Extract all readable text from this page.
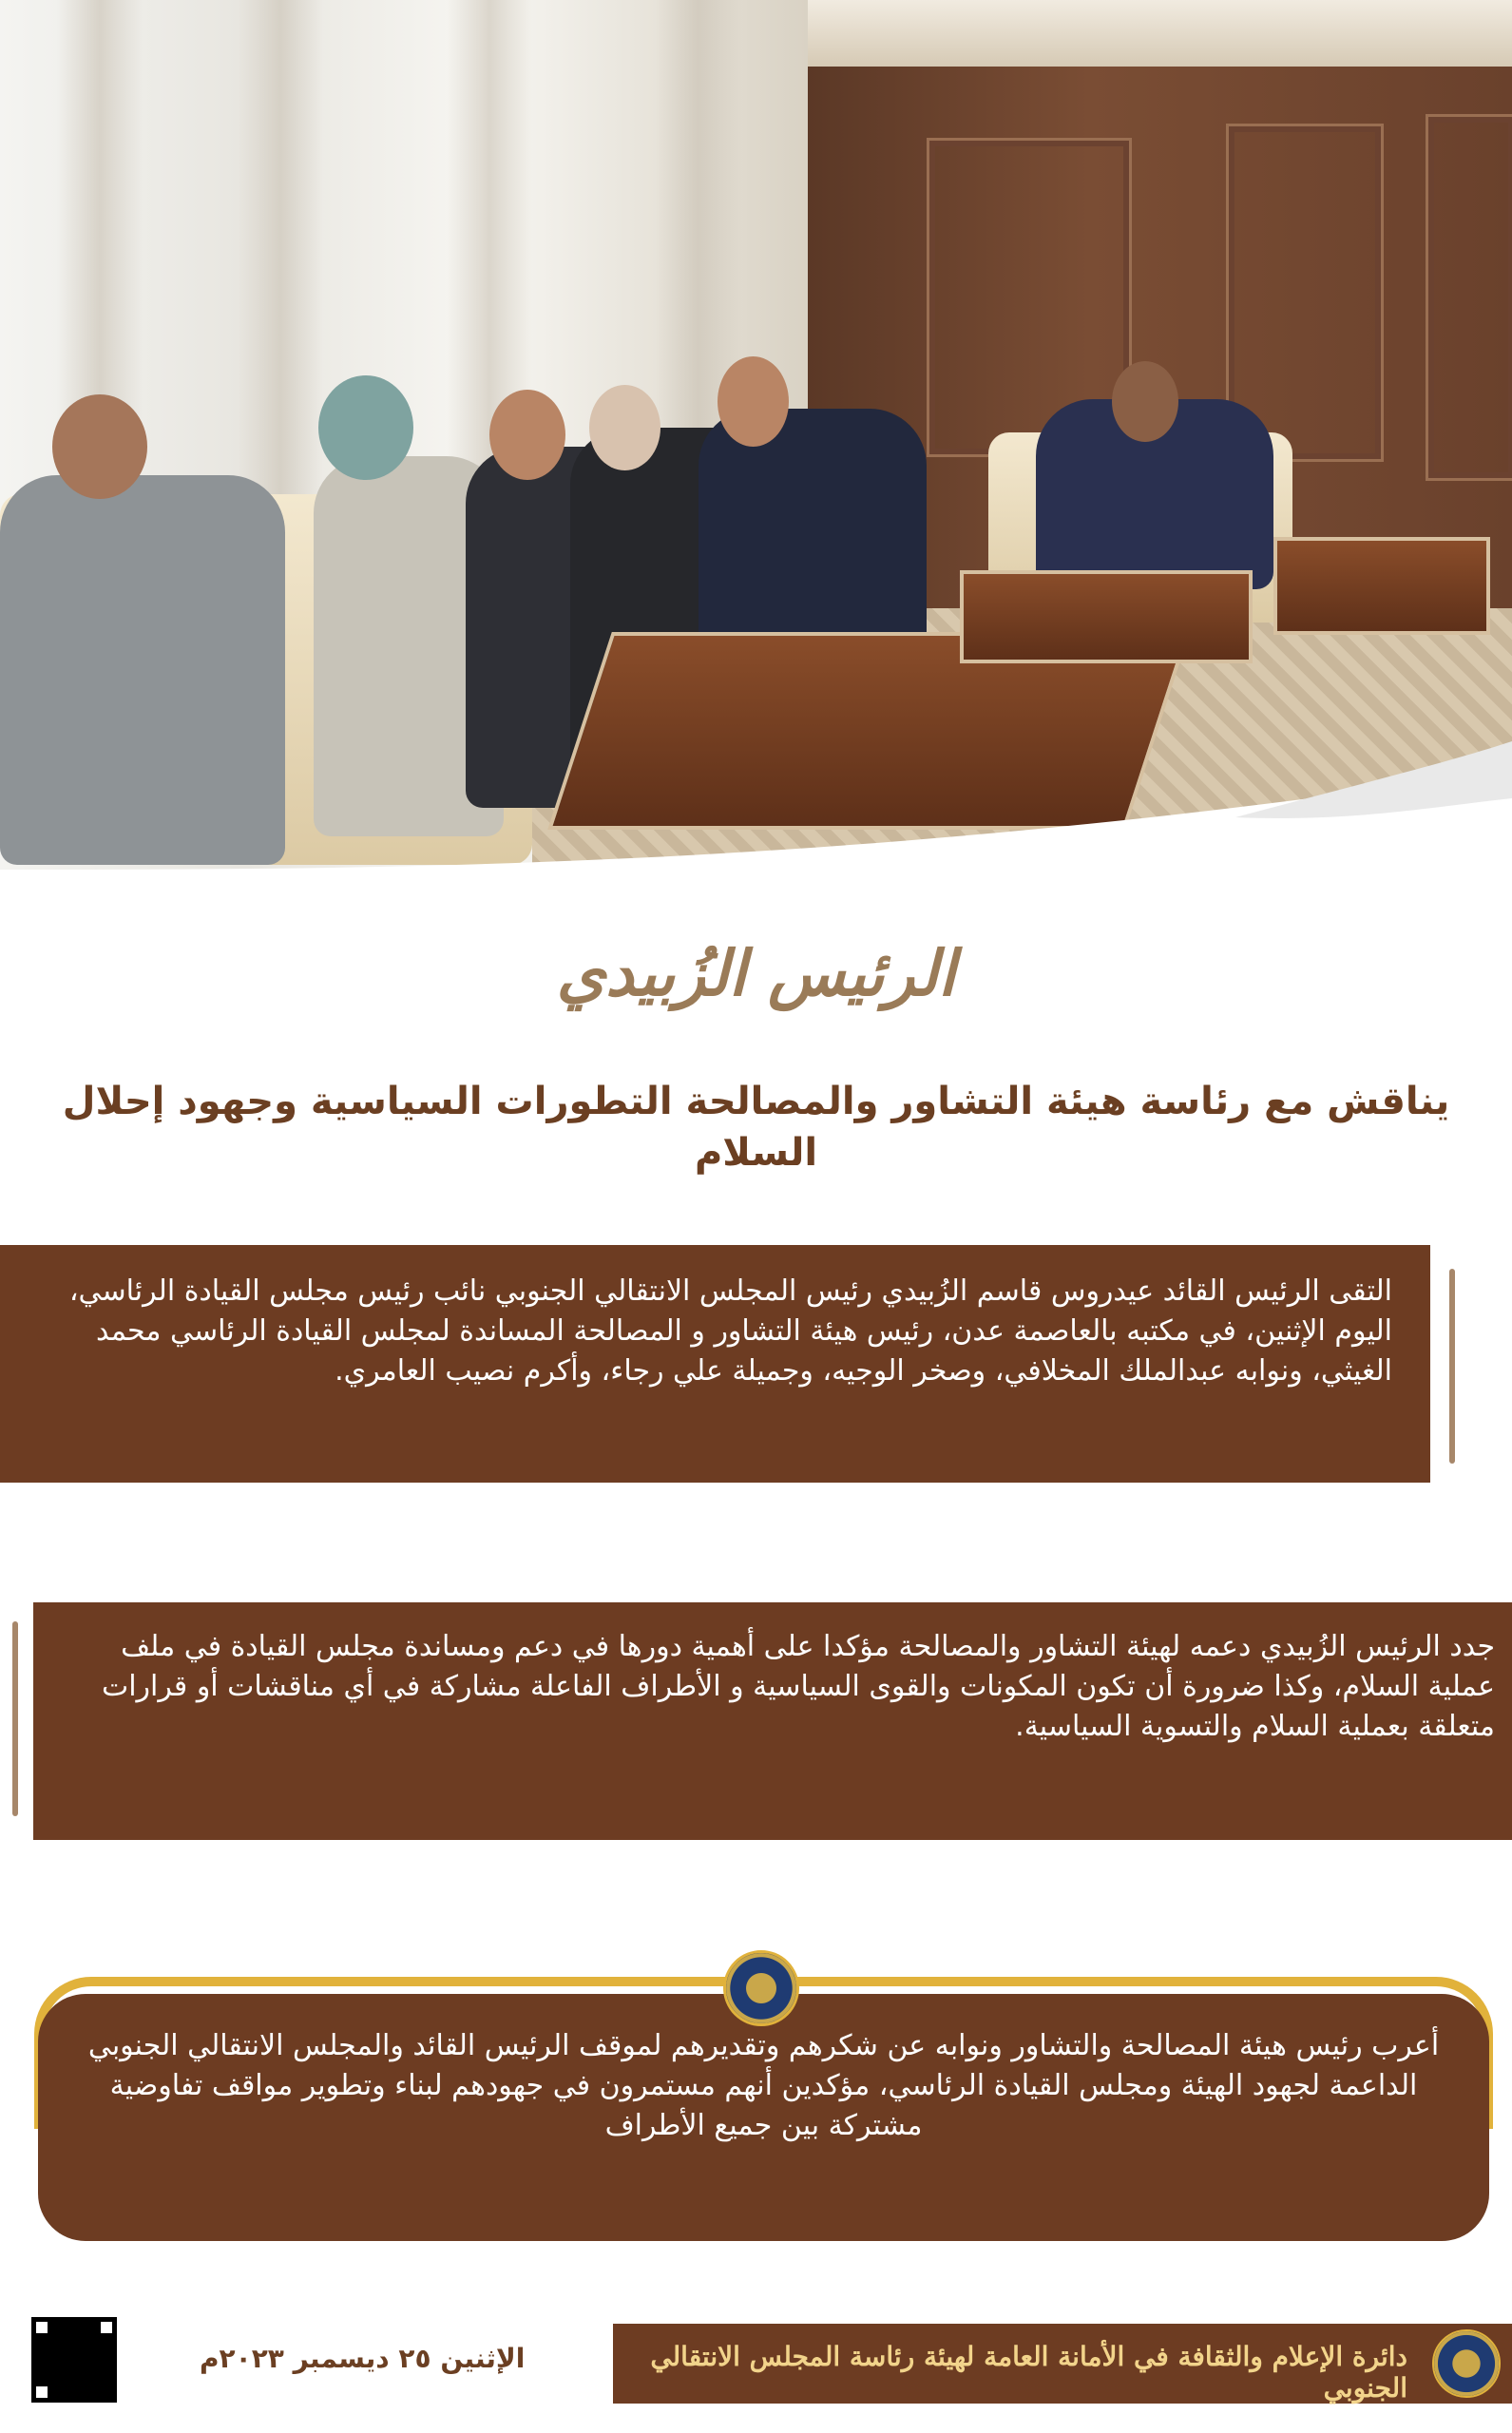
الرئيس الزُبيدي
يناقش مع رئاسة هيئة التشاور والمصالحة التطورات السياسية وجهود إحلال السلام
التقى الرئيس القائد عيدروس قاسم الزُبيدي رئيس المجلس الانتقالي الجنوبي نائب رئيس مجلس القيادة الرئاسي، اليوم الإثنين، في مكتبه بالعاصمة عدن، رئيس هيئة التشاور و المصالحة المساندة لمجلس القيادة الرئاسي محمد الغيثي، ونوابه عبدالملك المخلافي، وصخر الوجيه، وجميلة علي رجاء، وأكرم نصيب العامري.
جدد الرئيس الزُبيدي دعمه لهيئة التشاور والمصالحة مؤكدا على أهمية دورها في دعم ومساندة مجلس القيادة في ملف عملية السلام، وكذا ضرورة أن تكون المكونات والقوى السياسية و الأطراف الفاعلة مشاركة في أي مناقشات أو قرارات متعلقة بعملية السلام والتسوية السياسية.
أعرب رئيس هيئة المصالحة والتشاور ونوابه عن شكرهم وتقديرهم لموقف الرئيس القائد والمجلس الانتقالي الجنوبي الداعمة لجهود الهيئة ومجلس القيادة الرئاسي، مؤكدين أنهم مستمرون في جهودهم لبناء وتطوير مواقف تفاوضية مشتركة بين جميع الأطراف
دائرة الإعلام والثقافة في الأمانة العامة لهيئة رئاسة المجلس الانتقالي الجنوبي
الإثنين ٢٥ ديسمبر ٢٠٢٣م
